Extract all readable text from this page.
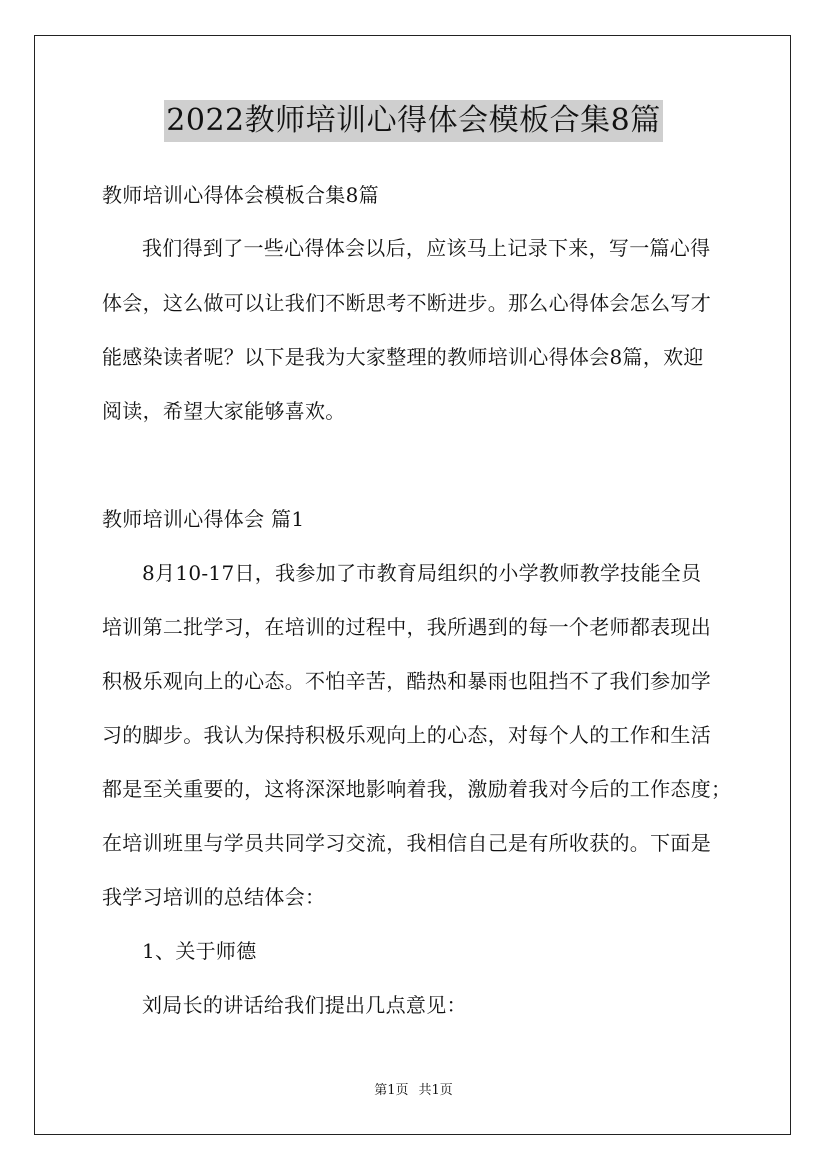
2022教师培训心得体会模板合集8篇
教师培训心得体会模板合集8篇
我们得到了一些心得体会以后，应该马上记录下来，写一篇心得
体会，这么做可以让我们不断思考不断进步。那么心得体会怎么写才
能感染读者呢？以下是我为大家整理的教师培训心得体会8篇，欢迎
阅读，希望大家能够喜欢。
教师培训心得体会 篇1
8月10-17日，我参加了市教育局组织的小学教师教学技能全员
培训第二批学习，在培训的过程中，我所遇到的每一个老师都表现出
积极乐观向上的心态。不怕辛苦，酷热和暴雨也阻挡不了我们参加学
习的脚步。我认为保持积极乐观向上的心态，对每个人的工作和生活
都是至关重要的，这将深深地影响着我，激励着我对今后的工作态度；
在培训班里与学员共同学习交流，我相信自己是有所收获的。下面是
我学习培训的总结体会：
1、关于师德
刘局长的讲话给我们提出几点意见：
第1页 共1页
